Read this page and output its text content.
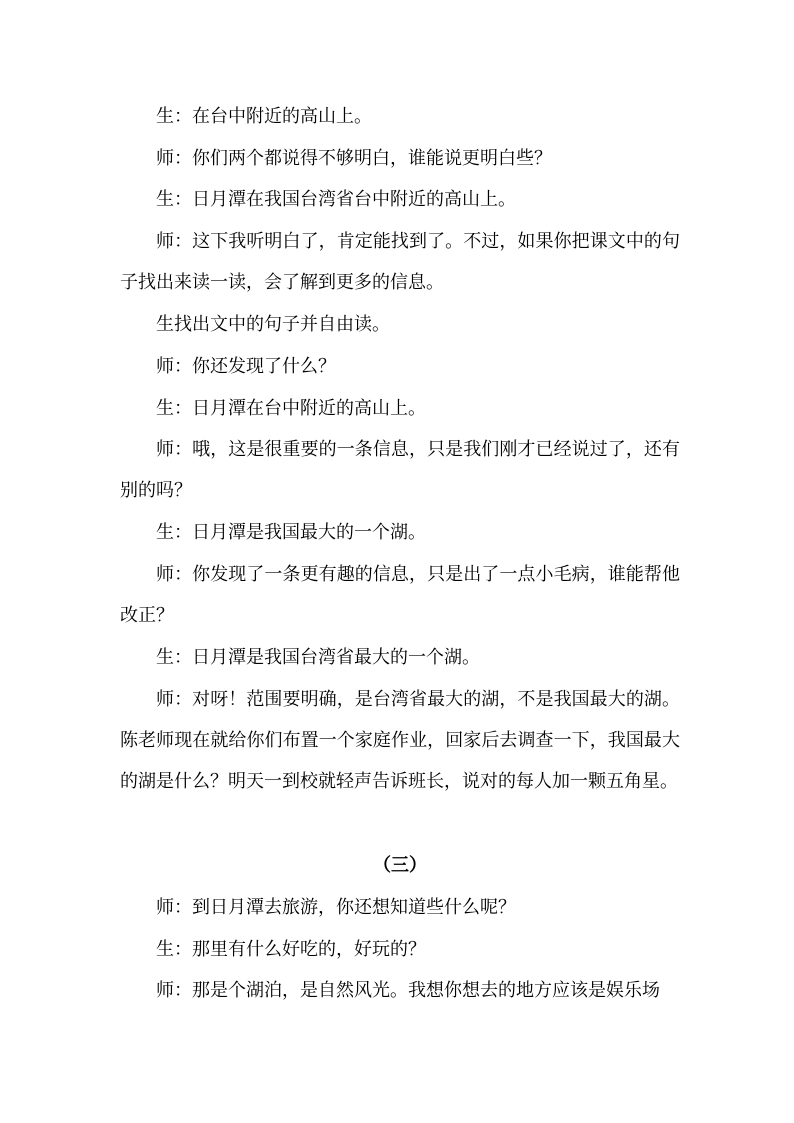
生：在台中附近的高山上。

师：你们两个都说得不够明白，谁能说更明白些？

生：日月潭在我国台湾省台中附近的高山上。

师：这下我听明白了，肯定能找到了。不过，如果你把课文中的句子找出来读一读，会了解到更多的信息。

生找出文中的句子并自由读。

师：你还发现了什么？

生：日月潭在台中附近的高山上。

师：哦，这是很重要的一条信息，只是我们刚才已经说过了，还有别的吗？

生：日月潭是我国最大的一个湖。

师：你发现了一条更有趣的信息，只是出了一点小毛病，谁能帮他改正？

生：日月潭是我国台湾省最大的一个湖。

师：对呀！范围要明确，是台湾省最大的湖，不是我国最大的湖。陈老师现在就给你们布置一个家庭作业，回家后去调查一下，我国最大的湖是什么？明天一到校就轻声告诉班长，说对的每人加一颗五角星。

（三）

师：到日月潭去旅游，你还想知道些什么呢？

生：那里有什么好吃的，好玩的？

师：那是个湖泊，是自然风光。我想你想去的地方应该是娱乐场
